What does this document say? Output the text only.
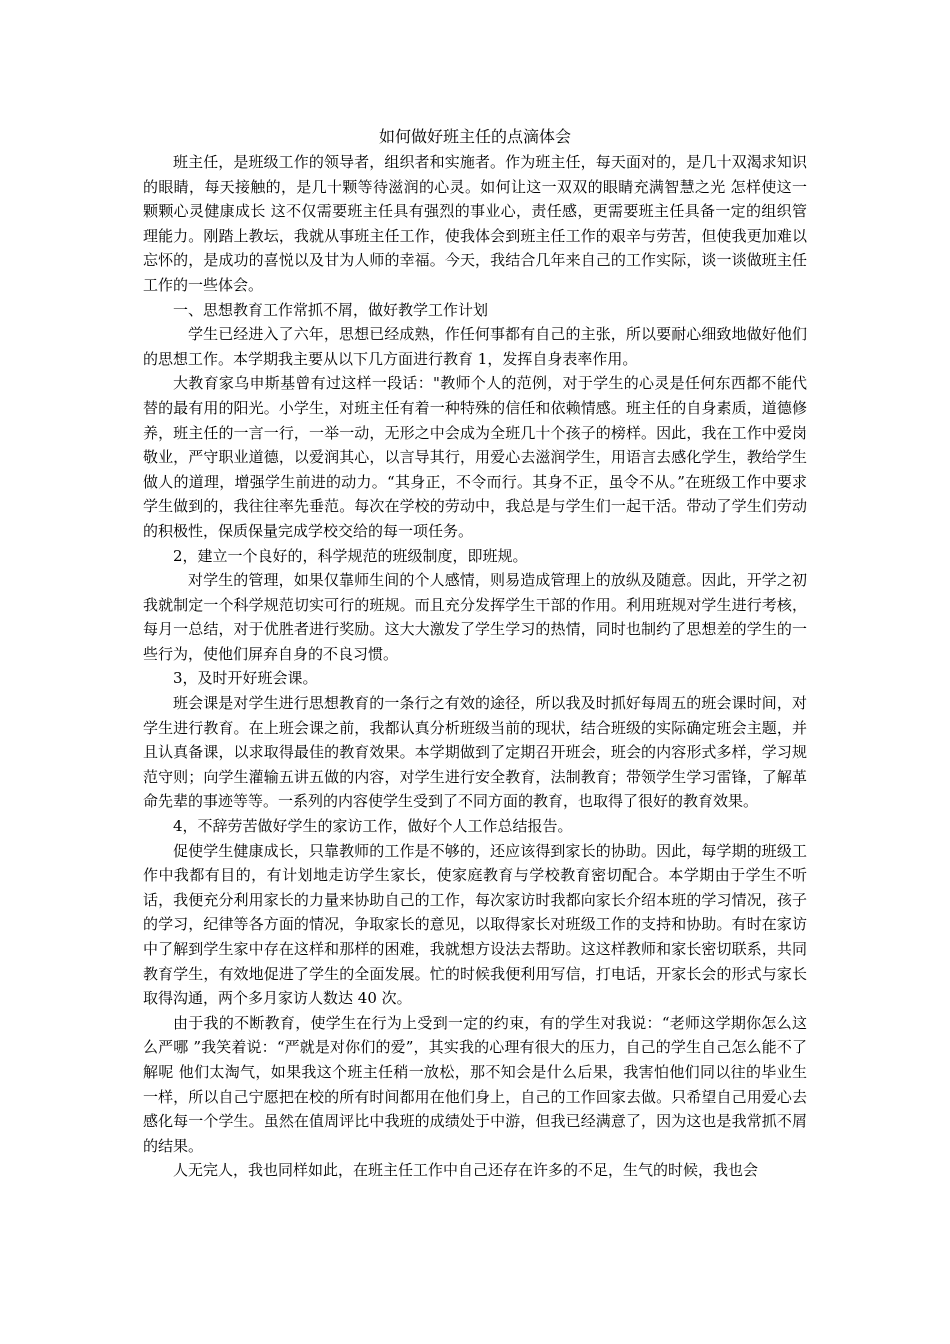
如何做好班主任的点滴体会

班主任，是班级工作的领导者，组织者和实施者。作为班主任，每天面对的，是几十双渴求知识的眼睛，每天接触的，是几十颗等待滋润的心灵。如何让这一双双的眼睛充满智慧之光 怎样使这一颗颗心灵健康成长 这不仅需要班主任具有强烈的事业心，责任感，更需要班主任具备一定的组织管理能力。刚踏上教坛，我就从事班主任工作，使我体会到班主任工作的艰辛与劳苦，但使我更加难以忘怀的，是成功的喜悦以及甘为人师的幸福。今天，我结合几年来自己的工作实际，谈一谈做班主任工作的一些体会。

一、思想教育工作常抓不屑，做好教学工作计划

学生已经进入了六年，思想已经成熟，作任何事都有自己的主张，所以要耐心细致地做好他们的思想工作。本学期我主要从以下几方面进行教育 1，发挥自身表率作用。

大教育家乌申斯基曾有过这样一段话："教师个人的范例，对于学生的心灵是任何东西都不能代替的最有用的阳光。小学生，对班主任有着一种特殊的信任和依赖情感。班主任的自身素质，道德修养，班主任的一言一行，一举一动，无形之中会成为全班几十个孩子的榜样。因此，我在工作中爱岗敬业，严守职业道德，以爱润其心，以言导其行，用爱心去滋润学生，用语言去感化学生，教给学生做人的道理，增强学生前进的动力。“其身正，不令而行。其身不正，虽令不从。”在班级工作中要求学生做到的，我往往率先垂范。每次在学校的劳动中，我总是与学生们一起干活。带动了学生们劳动的积极性，保质保量完成学校交给的每一项任务。

2，建立一个良好的，科学规范的班级制度，即班规。

对学生的管理，如果仅靠师生间的个人感情，则易造成管理上的放纵及随意。因此，开学之初我就制定一个科学规范切实可行的班规。而且充分发挥学生干部的作用。利用班规对学生进行考核，每月一总结，对于优胜者进行奖励。这大大激发了学生学习的热情，同时也制约了思想差的学生的一些行为，使他们屏弃自身的不良习惯。

3，及时开好班会课。

班会课是对学生进行思想教育的一条行之有效的途径，所以我及时抓好每周五的班会课时间，对学生进行教育。在上班会课之前，我都认真分析班级当前的现状，结合班级的实际确定班会主题，并且认真备课，以求取得最佳的教育效果。本学期做到了定期召开班会，班会的内容形式多样，学习规范守则；向学生灌输五讲五做的内容，对学生进行安全教育，法制教育；带领学生学习雷锋，了解革命先辈的事迹等等。一系列的内容使学生受到了不同方面的教育，也取得了很好的教育效果。

4，不辞劳苦做好学生的家访工作，做好个人工作总结报告。

促使学生健康成长，只靠教师的工作是不够的，还应该得到家长的协助。因此，每学期的班级工作中我都有目的，有计划地走访学生家长，使家庭教育与学校教育密切配合。本学期由于学生不听话，我便充分利用家长的力量来协助自己的工作，每次家访时我都向家长介绍本班的学习情况，孩子的学习，纪律等各方面的情况，争取家长的意见，以取得家长对班级工作的支持和协助。有时在家访中了解到学生家中存在这样和那样的困难，我就想方设法去帮助。这这样教师和家长密切联系，共同教育学生，有效地促进了学生的全面发展。忙的时候我便利用写信，打电话，开家长会的形式与家长取得沟通，两个多月家访人数达 40 次。

由于我的不断教育，使学生在行为上受到一定的约束，有的学生对我说：“老师这学期你怎么这么严哪 ”我笑着说：“严就是对你们的爱”，其实我的心理有很大的压力，自己的学生自己怎么能不了解呢 他们太淘气，如果我这个班主任稍一放松，那不知会是什么后果，我害怕他们同以往的毕业生一样，所以自己宁愿把在校的所有时间都用在他们身上，自己的工作回家去做。只希望自己用爱心去感化每一个学生。虽然在值周评比中我班的成绩处于中游，但我已经满意了，因为这也是我常抓不屑的结果。

人无完人，我也同样如此，在班主任工作中自己还存在许多的不足，生气的时候，我也会
